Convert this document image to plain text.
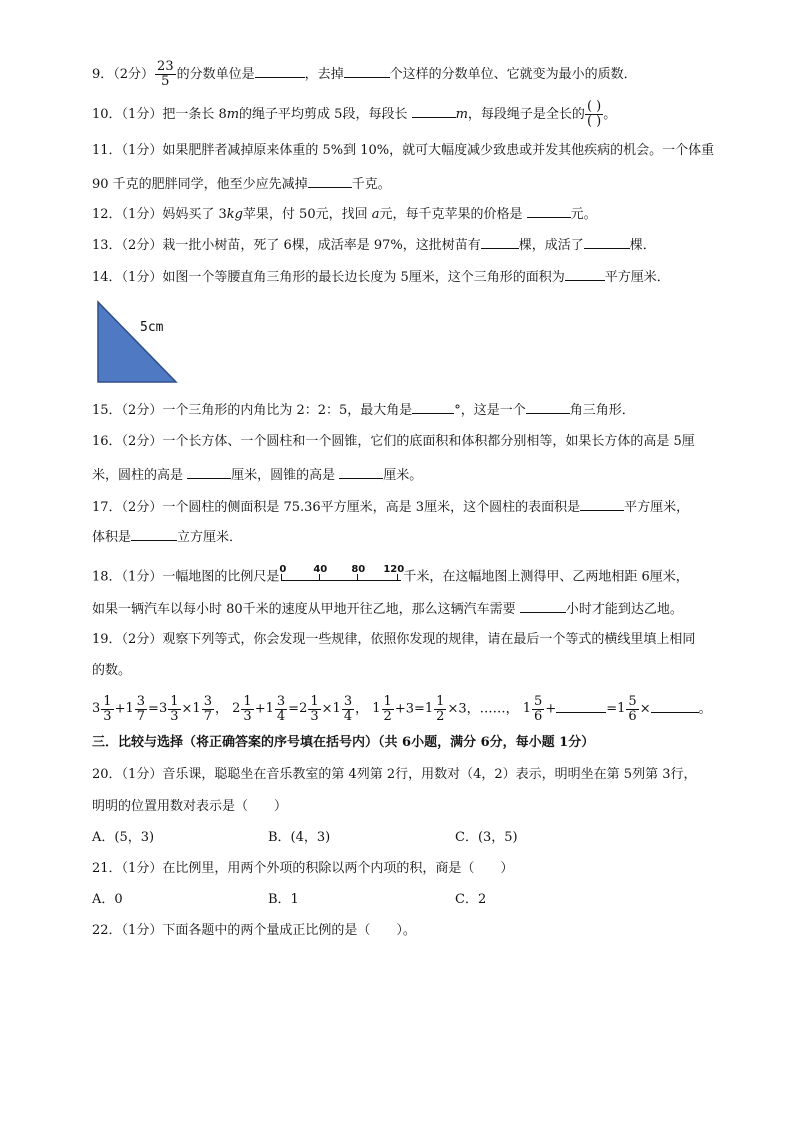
9．（2分） $\frac{23}{5}$ 的分数单位是	，去掉	个这样的分数单位、它就变为最小的质数．
10．（1分）把一条长 8m的绳子平均剪成 5段，每段长	m，每段绳子是全长的 $\frac{( )}{( )}$ 。
11．（1分）如果肥胖者减掉原来体重的 5%到 10%，就可大幅度减少致患或并发其他疾病的机会。一个体重
90 千克的肥胖同学，他至少应先减掉	千克。
12．（1分）妈妈买了 3kg苹果，付 50元，找回 a元，每千克苹果的价格是	元。
13．（2分）栽一批小树苗，死了 6棵，成活率是 97%，这批树苗有	棵，成活了	棵．
14．（1分）如图一个等腰直角三角形的最长边长度为 5厘米，这个三角形的面积为	平方厘米．
5cm
15．（2分）一个三角形的内角比为 2：2：5，最大角是	°，这是一个	角三角形．
16．（2分）一个长方体、一个圆柱和一个圆锥，它们的底面积和体积都分别相等，如果长方体的高是 5厘
米，圆柱的高是	厘米，圆锥的高是	厘米。
17．（2分）一个圆柱的侧面积是 75.36平方厘米，高是 3厘米，这个圆柱的表面积是	平方厘米，
体积是	立方厘米．
18．（1分）一幅地图的比例尺是 0	40 80 120 千米，在这幅地图上测得甲、乙两地相距 6厘米，
如果一辆汽车以每小时 80千米的速度从甲地开往乙地，那么这辆汽车需要	小时才能到达乙地。
19．（2分）观察下列等式，你会发现一些规律，依照你发现的规律，请在最后一个等式的横线里填上相同
的数。
$3 \frac{1}{3} + 1 \frac{3}{7} = 3 \frac{1}{3} \times 1 \frac{3}{7}$ ， $2 \frac{1}{3} + 1 \frac{3}{4} = 2 \frac{1}{3} \times 1 \frac{3}{4}$ ， $1 \frac{1}{2} +3= 1 \frac{1}{2} \times 3$，……， $1 \frac{5}{6}$ +	= $1 \frac{5}{6}$ ×	。
三．比较与选择（将正确答案的序号填在括号内）（共 6小题，满分 6分，每小题 1分）
20．（1分）音乐课，聪聪坐在音乐教室的第 4列第 2行，用数对（4，2）表示，明明坐在第 5列第 3行，
明明的位置用数对表示是（　　）
A．(5，3)	B．(4，3)	C．(3，5)
21．（1分）在比例里，用两个外项的积除以两个内项的积，商是（　　）
A．0	B．1	C．2
22．（1分）下面各题中的两个量成正比例的是（　　）。
